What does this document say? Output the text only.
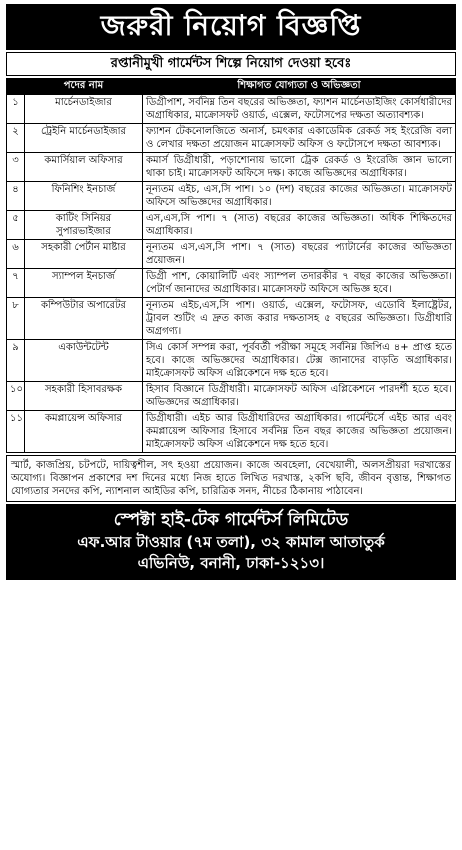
জরুরী নিয়োগ বিজ্ঞপ্তি
রপ্তানীমুখী গার্মেন্টস শিল্পে নিয়োগ দেওয়া হবেঃ
	পদের নাম	শিক্ষাগত যোগ্যতা ও অভিজ্ঞতা
১	মার্চেনডাইজার	ডিগ্রীপাশ, সর্বনিম্ন তিন বছরের অভিজ্ঞতা, ফ্যাশন মার্চেনডাইজিং কোর্সধারীদের অগ্রাধিকার, মাক্রোসফট ওয়ার্ড, এক্সেল, ফটোসপের দক্ষতা অত্যাবশ্যক।
২	ট্রেইনি মার্চেনডাইজার	ফ্যাশন টেকনোলজিতে অনার্স, চমৎকার একাডেমিক রেকর্ড সহ ইংরেজি বলা ও লেখার দক্ষতা প্রয়োজন মাক্রোসফট অফিস ও ফটোসপে দক্ষতা আবশ্যক।
৩	কমার্সিয়াল অফিসার	কমার্স ডিগ্রীধারী, পড়াশোনায় ভালো ট্রেক রেকর্ড ও ইংরেজি জ্ঞান ভালো থাকা চাই। মাক্রোসফট অফিসে দক্ষ। কাজে অভিজ্ঞদের অগ্রাধিকার।
৪	ফিনিশিং ইনচার্জ	নূন্যতম এইচ, এস,সি পাশ। ১০ (দশ) বছরের কাজের অভিজ্ঞতা। মাক্রোসফট অফিসে অভিজ্ঞদের অগ্রাধিকার।
৫	কাটিং সিনিয়র সুপারভাইজার	এস,এস,সি পাশ। ৭ (সাত) বছরের কাজের অভিজ্ঞতা। অধিক শিক্ষিতদের অগ্রাধিকার।
৬	সহকারী পের্টান মাষ্টার	নূন্যতম এস,এস,সি পাশ। ৭ (সাত) বছরের প্যাটার্নের কাজের অভিজ্ঞতা প্রয়োজন।
৭	স্যাম্পল ইনচার্জ	ডিগ্রী পাশ, কোয়ালিটি এবং স্যাম্পল তদারকীর ৭ বছর কাজের অভিজ্ঞতা। পেটার্ণ জানাদের অগ্রাধিকার। মাক্রোসফট অফিসে অভিজ্ঞ হবে।
৮	কম্পিউটার অপারেটর	নূন্যতম এইচ,এস,সি পাশ। ওয়ার্ড, এক্সেল, ফটোসফ, এডোবি ইলাষ্ট্রেটর, ট্রাবল শুটিং এ দ্রুত কাজ করার দক্ষতাসহ ৫ বছরের অভিজ্ঞতা। ডিগ্রীধারি অগ্রগণ্য।
৯	একাউন্টটেন্ট	সিএ কোর্স সম্পন্ন করা, পূর্ববর্তী পরীক্ষা সমূহে সর্বনিম্ন জিপিএ ৪+ প্রাপ্ত হতে হবে। কাজে অভিজ্ঞদের অগ্রাধিকার। টেক্স জানাদের বাড়তি অগ্রাধিকার। মাইক্রোসফট অফিস এপ্লিকেশনে দক্ষ হতে হবে।
১০	সহকারী হিসাবরক্ষক	হিসাব বিজ্ঞানে ডিগ্রীধারী। মাক্রোসফট অফিস এপ্লিকেশনে পারদর্শী হতে হবে। অভিজ্ঞদের অগ্রাধিকার।
১১	কমপ্লায়েন্স অফিসার	ডিগ্রীধারী। এইচ আর ডিগ্রীধারিদের অগ্রাধিকার। গার্মেন্টর্সে এইচ আর এবং কমপ্লায়েন্স অফিসার হিসাবে সর্বনিম্ন তিন বছর কাজের অভিজ্ঞতা প্রয়োজন। মাইক্রোসফট অফিস এপ্লিকেশনে দক্ষ হতে হবে।
স্মার্ট, কাজপ্রিয়, চটপটে, দায়িত্বশীল, সৎ হওয়া প্রয়োজন। কাজে অবহেলা, বেখেয়ালী, অলসপ্রীয়রা দরখাস্তের অযোগ্য। বিজ্ঞাপন প্রকাশের দশ দিনের মধ্যে নিজ হাতে লিখিত দরখাস্ত, ২কপি ছবি, জীবন বৃত্তান্ত, শিক্ষাগত যোগ্যতার সনদের কপি, ন্যাশনাল আইডির কপি, চারিত্রিক সনদ, নীচের ঠিকানায় পাঠাবেন।
স্পেক্টা হাই-টেক গার্মেন্টর্স লিমিটেড
এফ.আর টাওয়ার (৭ম তলা), ৩২ কামাল আতাতুর্ক
এভিনিউ, বনানী, ঢাকা-১২১৩।
